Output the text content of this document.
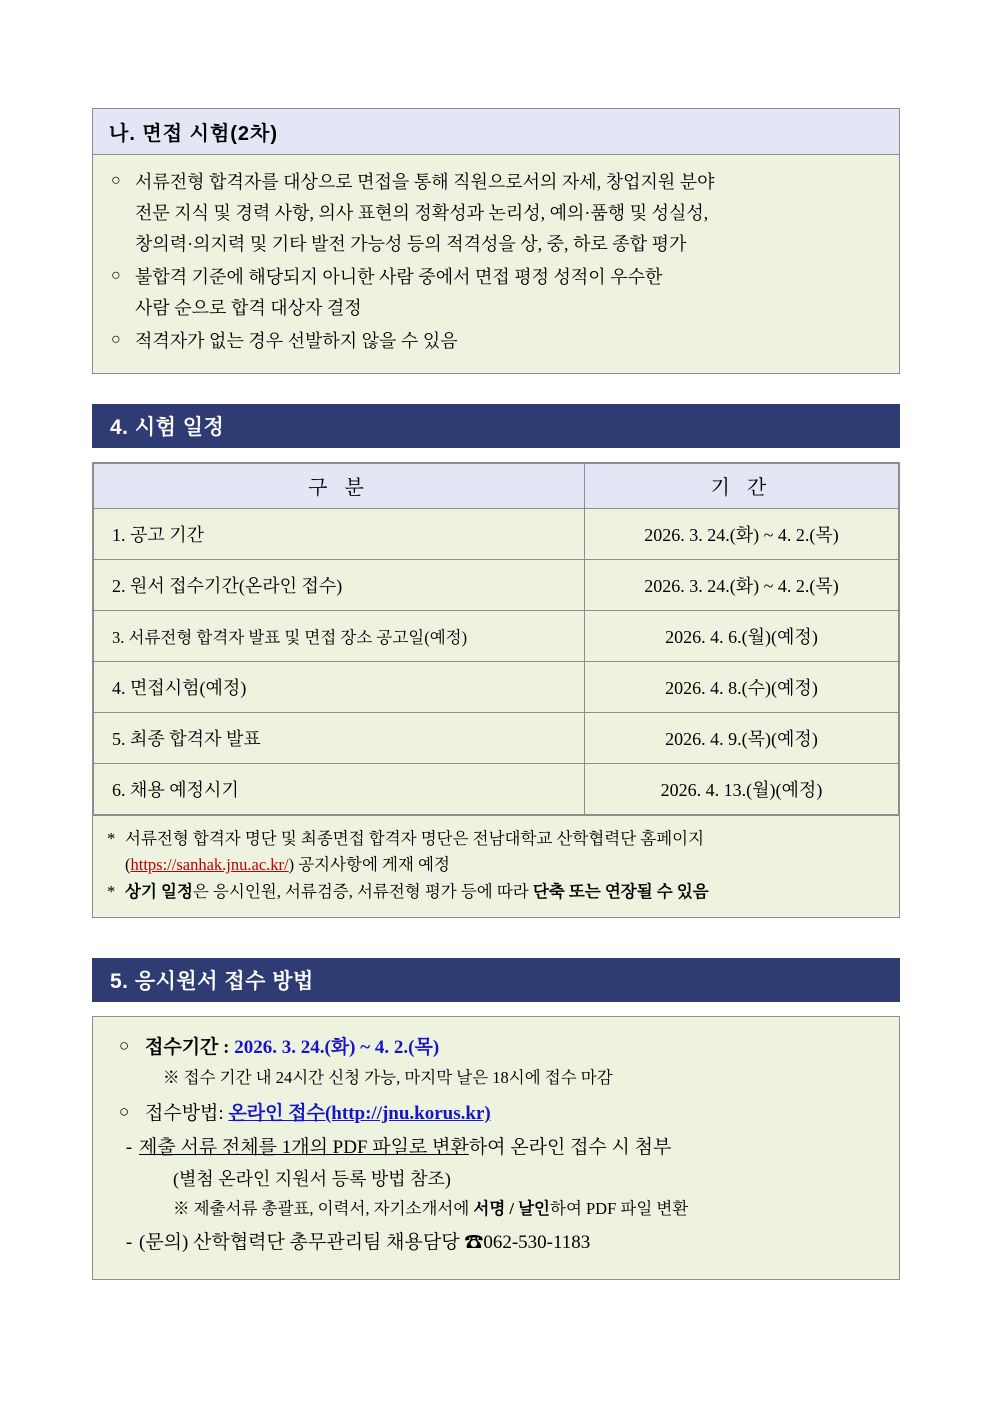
나. 면접 시험(2차)
○ 서류전형 합격자를 대상으로 면접을 통해 직원으로서의 자세, 창업지원 분야
전문 지식 및 경력 사항, 의사 표현의 정확성과 논리성, 예의·품행 및 성실성,
창의력·의지력 및 기타 발전 가능성 등의 적격성을 상, 중, 하로 종합 평가
○ 불합격 기준에 해당되지 아니한 사람 중에서 면접 평정 성적이 우수한
사람 순으로 합격 대상자 결정
○ 적격자가 없는 경우 선발하지 않을 수 있음
4. 시험 일정
구 분	기 간
1. 공고 기간	2026. 3. 24.(화) ~ 4. 2.(목)
2. 원서 접수기간(온라인 접수)	2026. 3. 24.(화) ~ 4. 2.(목)
3. 서류전형 합격자 발표 및 면접 장소 공고일(예정)	2026. 4. 6.(월)(예정)
4. 면접시험(예정)	2026. 4. 8.(수)(예정)
5. 최종 합격자 발표	2026. 4. 9.(목)(예정)
6. 채용 예정시기	2026. 4. 13.(월)(예정)
* 서류전형 합격자 명단 및 최종면접 합격자 명단은 전남대학교 산학협력단 홈페이지
(https://sanhak.jnu.ac.kr/) 공지사항에 게재 예정
* 상기 일정은 응시인원, 서류검증, 서류전형 평가 등에 따라 단축 또는 연장될 수 있음
5. 응시원서 접수 방법
○ 접수기간 : 2026. 3. 24.(화) ~ 4. 2.(목)
※ 접수 기간 내 24시간 신청 가능, 마지막 날은 18시에 접수 마감
○ 접수방법: 온라인 접수(http://jnu.korus.kr)
- 제출 서류 전체를 1개의 PDF 파일로 변환하여 온라인 접수 시 첨부
(별첨 온라인 지원서 등록 방법 참조)
※ 제출서류 총괄표, 이력서, 자기소개서에 서명 / 날인하여 PDF 파일 변환
- (문의) 산학협력단 총무관리팀 채용담당 ☎062-530-1183
